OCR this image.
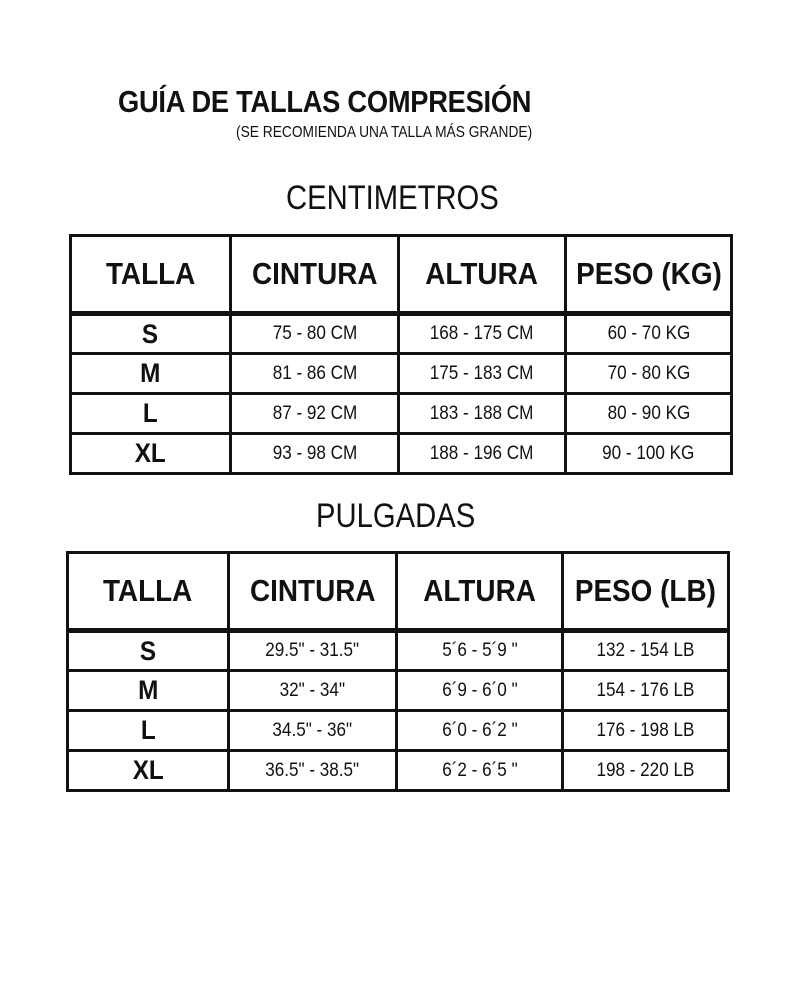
GUÍA DE TALLAS COMPRESIÓN
(SE RECOMIENDA UNA TALLA MÁS GRANDE)
CENTIMETROS
TALLA	CINTURA	ALTURA	PESO (KG)
S	75 - 80 CM	168 - 175 CM	60 - 70 KG
M	81 - 86 CM	175 - 183 CM	70 - 80 KG
L	87 - 92 CM	183 - 188 CM	80 - 90 KG
XL	93 - 98 CM	188 - 196 CM	90 - 100 KG
PULGADAS
TALLA	CINTURA	ALTURA	PESO (LB)
S	29.5" - 31.5"	5´6 - 5´9 "	132 - 154 LB
M	32" - 34"	6´9 - 6´0 "	154 - 176 LB
L	34.5" - 36"	6´0 - 6´2 "	176 - 198 LB
XL	36.5" - 38.5"	6´2 - 6´5 "	198 - 220 LB
